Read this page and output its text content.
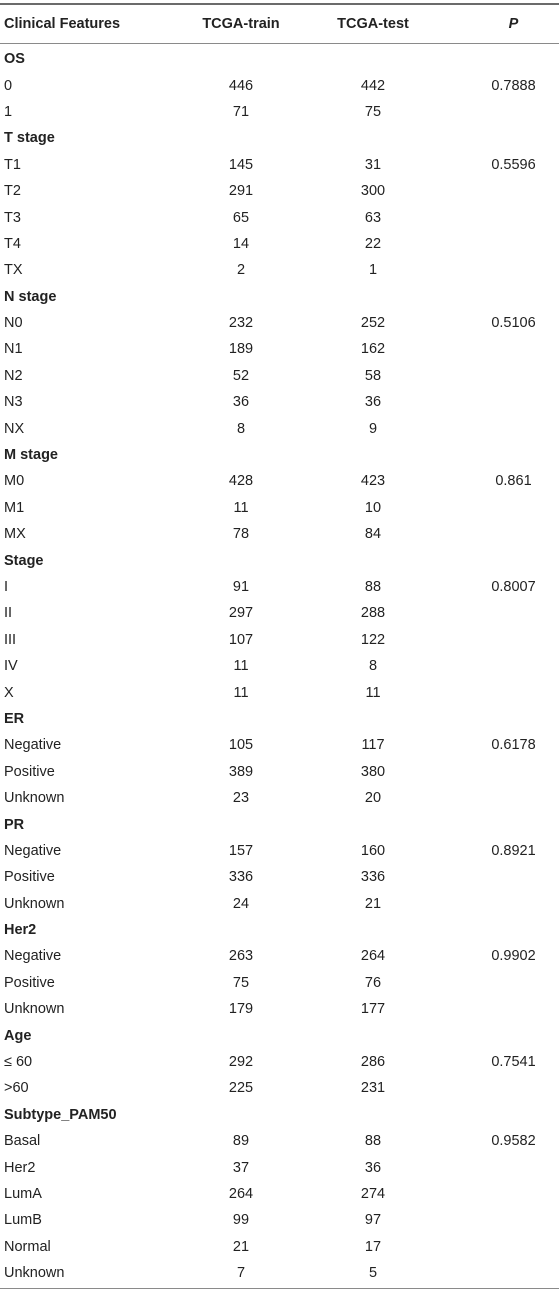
Clinical Features	TCGA-train	TCGA-test	P
OS
0	446	442	0.7888
1	71	75
T stage
T1	145	31	0.5596
T2	291	300
T3	65	63
T4	14	22
TX	2	1
N stage
N0	232	252	0.5106
N1	189	162
N2	52	58
N3	36	36
NX	8	9
M stage
M0	428	423	0.861
M1	11	10
MX	78	84
Stage
I	91	88	0.8007
II	297	288
III	107	122
IV	11	8
X	11	11
ER
Negative	105	117	0.6178
Positive	389	380
Unknown	23	20
PR
Negative	157	160	0.8921
Positive	336	336
Unknown	24	21
Her2
Negative	263	264	0.9902
Positive	75	76
Unknown	179	177
Age
≤ 60	292	286	0.7541
>60	225	231
Subtype_PAM50
Basal	89	88	0.9582
Her2	37	36
LumA	264	274
LumB	99	97
Normal	21	17
Unknown	7	5
